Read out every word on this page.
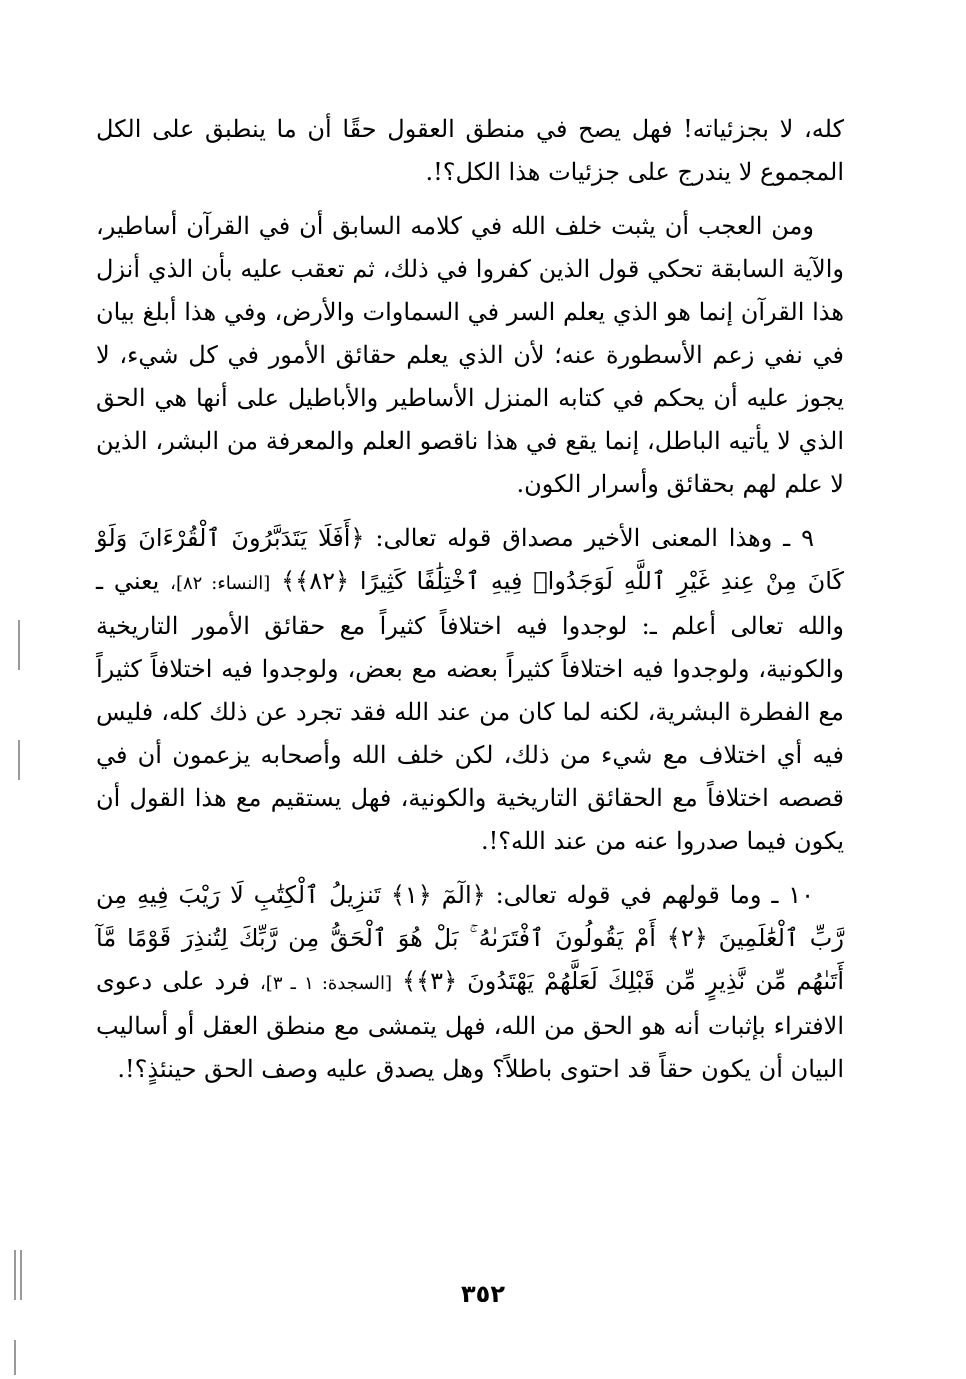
كله، لا بجزئياته! فهل يصح في منطق العقول حقًا أن ما ينطبق على الكل المجموع لا يندرج على جزئيات هذا الكل؟!.

ومن العجب أن يثبت خلف الله في كلامه السابق أن في القرآن أساطير، والآية السابقة تحكي قول الذين كفروا في ذلك، ثم تعقب عليه بأن الذي أنزل هذا القرآن إنما هو الذي يعلم السر في السماوات والأرض، وفي هذا أبلغ بيان في نفي زعم الأسطورة عنه؛ لأن الذي يعلم حقائق الأمور في كل شيء، لا يجوز عليه أن يحكم في كتابه المنزل الأساطير والأباطيل على أنها هي الحق الذي لا يأتيه الباطل، إنما يقع في هذا ناقصو العلم والمعرفة من البشر، الذين لا علم لهم بحقائق وأسرار الكون.

٩ ـ وهذا المعنى الأخير مصداق قوله تعالى: ﴿أَفَلَا يَتَدَبَّرُونَ ٱلْقُرْءَانَ وَلَوْ كَانَ مِنْ عِندِ غَيْرِ ٱللَّهِ لَوَجَدُوا۟ فِيهِ ٱخْتِلَٰفًا كَثِيرًا ﴿٨٢﴾﴾ [النساء: ٨٢]، يعني ـ والله تعالى أعلم ـ: لوجدوا فيه اختلافاً كثيراً مع حقائق الأمور التاريخية والكونية، ولوجدوا فيه اختلافاً كثيراً بعضه مع بعض، ولوجدوا فيه اختلافاً كثيراً مع الفطرة البشرية، لكنه لما كان من عند الله فقد تجرد عن ذلك كله، فليس فيه أي اختلاف مع شيء من ذلك، لكن خلف الله وأصحابه يزعمون أن في قصصه اختلافاً مع الحقائق التاريخية والكونية، فهل يستقيم مع هذا القول أن يكون فيما صدروا عنه من عند الله؟!.

١٠ ـ وما قولهم في قوله تعالى: ﴿الٓمٓ ﴿١﴾ تَنزِيلُ ٱلْكِتَٰبِ لَا رَيْبَ فِيهِ مِن رَّبِّ ٱلْعَٰلَمِينَ ﴿٢﴾ أَمْ يَقُولُونَ ٱفْتَرَىٰهُ ۚ بَلْ هُوَ ٱلْحَقُّ مِن رَّبِّكَ لِتُنذِرَ قَوْمًا مَّآ أَتَىٰهُم مِّن نَّذِيرٍ مِّن قَبْلِكَ لَعَلَّهُمْ يَهْتَدُونَ ﴿٣﴾﴾ [السجدة: ١ ـ ٣]، فرد على دعوى الافتراء بإثبات أنه هو الحق من الله، فهل يتمشى مع منطق العقل أو أساليب البيان أن يكون حقاً قد احتوى باطلاً؟ وهل يصدق عليه وصف الحق حينئذٍ؟!.

٣٥٢
